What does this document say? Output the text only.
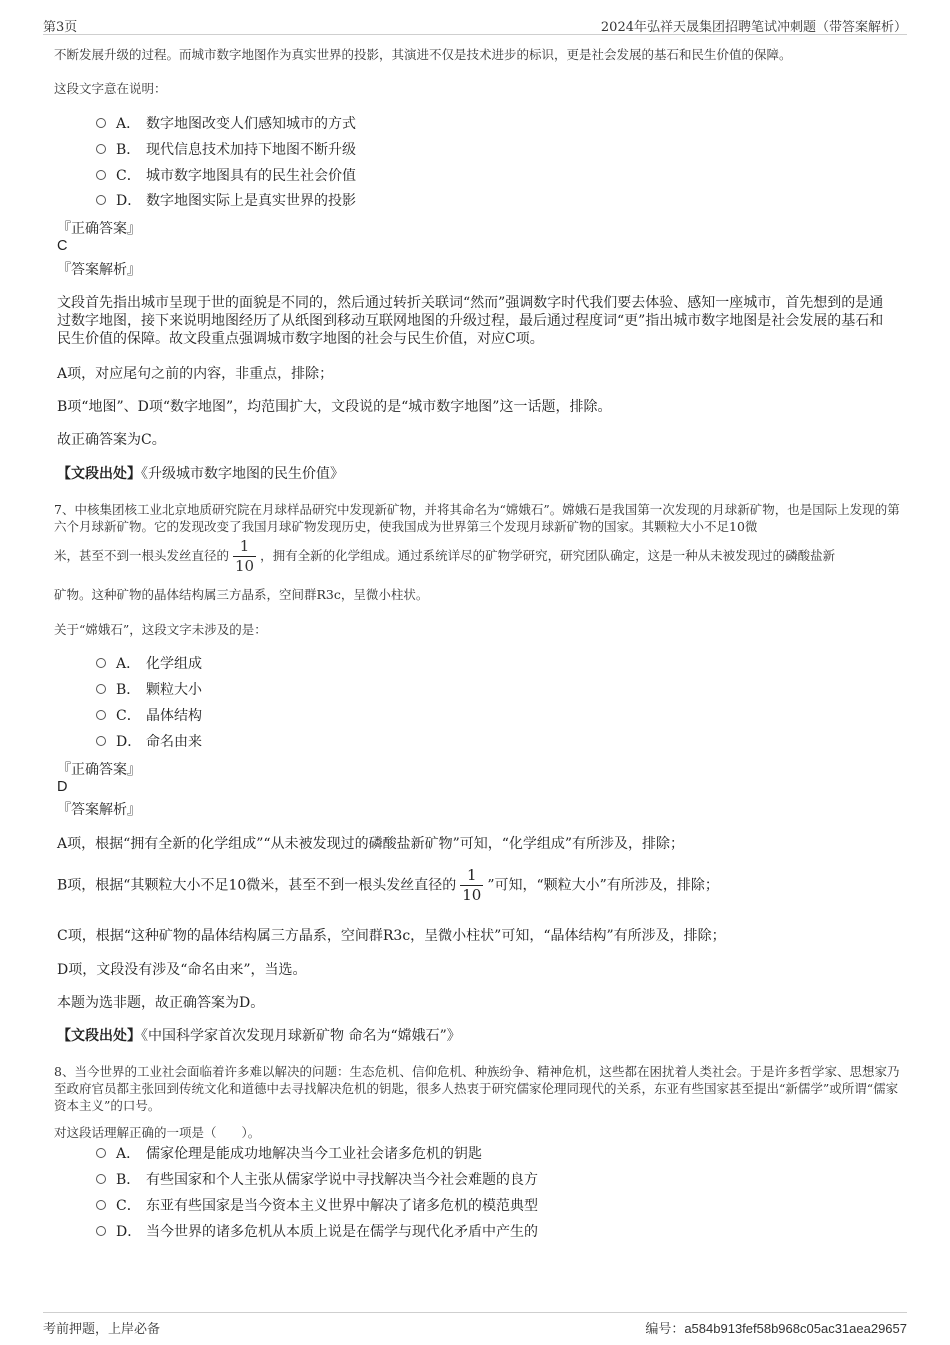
第3页	2024年弘祥天晟集团招聘笔试冲刺题（带答案解析）
不断发展升级的过程。而城市数字地图作为真实世界的投影，其演进不仅是技术进步的标识，更是社会发展的基石和民生价值的保障。
这段文字意在说明：
A． 数字地图改变人们感知城市的方式
B． 现代信息技术加持下地图不断升级
C． 城市数字地图具有的民生社会价值
D． 数字地图实际上是真实世界的投影
『正确答案』
C
『答案解析』
文段首先指出城市呈现于世的面貌是不同的，然后通过转折关联词“然而”强调数字时代我们要去体验、感知一座城市，首先想到的是通过数字地图，接下来说明地图经历了从纸图到移动互联网地图的升级过程，最后通过程度词“更”指出城市数字地图是社会发展的基石和民生价值的保障。故文段重点强调城市数字地图的社会与民生价值，对应C项。
A项，对应尾句之前的内容，非重点，排除；
B项“地图”、D项“数字地图”，均范围扩大，文段说的是“城市数字地图”这一话题，排除。
故正确答案为C。
【文段出处】《升级城市数字地图的民生价值》
7、中核集团核工业北京地质研究院在月球样品研究中发现新矿物，并将其命名为“嫦娥石”。嫦娥石是我国第一次发现的月球新矿物，也是国际上发现的第六个月球新矿物。它的发现改变了我国月球矿物发现历史，使我国成为世界第三个发现月球新矿物的国家。其颗粒大小不足10微
米，甚至不到一根头发丝直径的 $\frac{1}{10}$ ，拥有全新的化学组成。通过系统详尽的矿物学研究，研究团队确定，这是一种从未被发现过的磷酸盐新
矿物。这种矿物的晶体结构属三方晶系，空间群R3c，呈微小柱状。
关于“嫦娥石”，这段文字未涉及的是：
A． 化学组成
B． 颗粒大小
C． 晶体结构
D． 命名由来
『正确答案』
D
『答案解析』
A项，根据“拥有全新的化学组成”“从未被发现过的磷酸盐新矿物”可知，“化学组成”有所涉及，排除；
B项，根据“其颗粒大小不足10微米，甚至不到一根头发丝直径的 $\frac{1}{10}$ ”可知，“颗粒大小”有所涉及，排除；
C项，根据“这种矿物的晶体结构属三方晶系，空间群R3c，呈微小柱状”可知，“晶体结构”有所涉及，排除；
D项，文段没有涉及“命名由来”，当选。
本题为选非题，故正确答案为D。
【文段出处】《中国科学家首次发现月球新矿物 命名为“嫦娥石”》
8、当今世界的工业社会面临着许多难以解决的问题：生态危机、信仰危机、种族纷争、精神危机，这些都在困扰着人类社会。于是许多哲学家、思想家乃至政府官员都主张回到传统文化和道德中去寻找解决危机的钥匙，很多人热衷于研究儒家伦理同现代的关系，东亚有些国家甚至提出“新儒学”或所谓“儒家资本主义”的口号。
对这段话理解正确的一项是（　　）。
A． 儒家伦理是能成功地解决当今工业社会诸多危机的钥匙
B． 有些国家和个人主张从儒家学说中寻找解决当今社会难题的良方
C． 东亚有些国家是当今资本主义世界中解决了诸多危机的模范典型
D． 当今世界的诸多危机从本质上说是在儒学与现代化矛盾中产生的
考前押题，上岸必备	编号：a584b913fef58b968c05ac31aea29657
